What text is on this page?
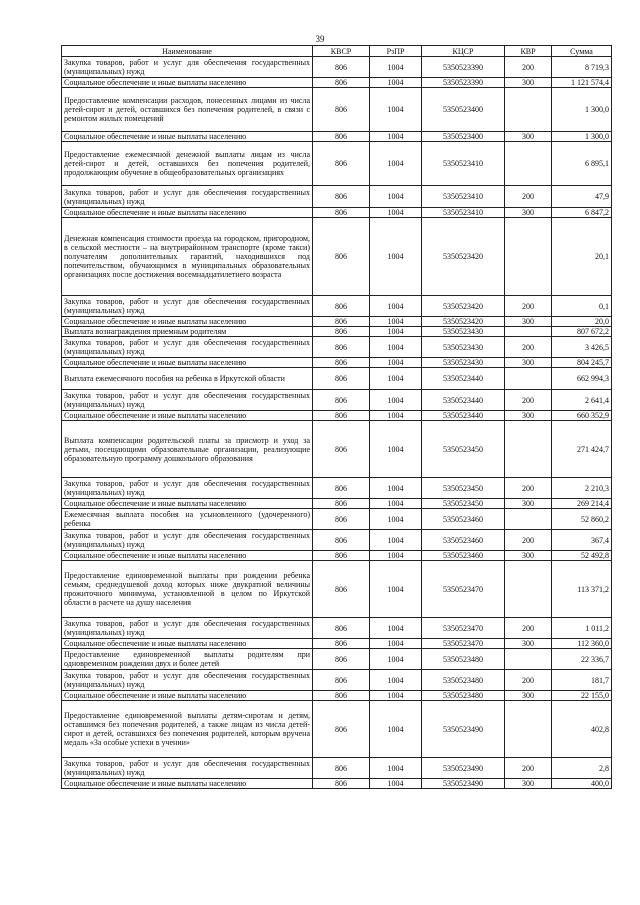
39
Наименование	КВСР	РзПР	КЦСР	КВР	Сумма
Закупка товаров, работ и услуг для обеспечения государственных (муниципальных) нужд	806	1004	5350523390	200	8 719,3
Социальное обеспечение и иные выплаты населению	806	1004	5350523390	300	1 121 574,4
Предоставление компенсации расходов, понесенных лицами из числа детей-сирот и детей, оставшихся без попечения родителей, в связи с ремонтом жилых помещений	806	1004	5350523400		1 300,0
Социальное обеспечение и иные выплаты населению	806	1004	5350523400	300	1 300,0
Предоставление ежемесячной денежной выплаты лицам из числа детей-сирот и детей, оставшихся без попечения родителей, продолжающим обучение в общеобразовательных организациях	806	1004	5350523410		6 895,1
Закупка товаров, работ и услуг для обеспечения государственных (муниципальных) нужд	806	1004	5350523410	200	47,9
Социальное обеспечение и иные выплаты населению	806	1004	5350523410	300	6 847,2
Денежная компенсация стоимости проезда на городском, пригородном, в сельской местности – на внутрирайонном транспорте (кроме такси) получателям дополнительных гарантий, находившихся под попечительством, обучающимся в муниципальных образовательных организациях после достижения восемнадцатилетнего возраста	806	1004	5350523420		20,1
Закупка товаров, работ и услуг для обеспечения государственных (муниципальных) нужд	806	1004	5350523420	200	0,1
Социальное обеспечение и иные выплаты населению	806	1004	5350523420	300	20,0
Выплата вознаграждения приемным родителям	806	1004	5350523430		807 672,2
Закупка товаров, работ и услуг для обеспечения государственных (муниципальных) нужд	806	1004	5350523430	200	3 426,5
Социальное обеспечение и иные выплаты населению	806	1004	5350523430	300	804 245,7
Выплата ежемесячного пособия на ребенка в Иркутской области	806	1004	5350523440		662 994,3
Закупка товаров, работ и услуг для обеспечения государственных (муниципальных) нужд	806	1004	5350523440	200	2 641,4
Социальное обеспечение и иные выплаты населению	806	1004	5350523440	300	660 352,9
Выплата компенсации родительской платы за присмотр и уход за детьми, посещающими образовательные организации, реализующие образовательную программу дошкольного образования	806	1004	5350523450		271 424,7
Закупка товаров, работ и услуг для обеспечения государственных (муниципальных) нужд	806	1004	5350523450	200	2 210,3
Социальное обеспечение и иные выплаты населению	806	1004	5350523450	300	269 214,4
Ежемесячная выплата пособия на усыновленного (удочеренного) ребенка	806	1004	5350523460		52 860,2
Закупка товаров, работ и услуг для обеспечения государственных (муниципальных) нужд	806	1004	5350523460	200	367,4
Социальное обеспечение и иные выплаты населению	806	1004	5350523460	300	52 492,8
Предоставление единовременной выплаты при рождении ребенка семьям, среднедушевой доход которых ниже двукратной величины прожиточного минимума, установленной в целом по Иркутской области в расчете на душу населения	806	1004	5350523470		113 371,2
Закупка товаров, работ и услуг для обеспечения государственных (муниципальных) нужд	806	1004	5350523470	200	1 011,2
Социальное обеспечение и иные выплаты населению	806	1004	5350523470	300	112 360,0
Предоставление единовременной выплаты родителям при одновременном рождении двух и более детей	806	1004	5350523480		22 336,7
Закупка товаров, работ и услуг для обеспечения государственных (муниципальных) нужд	806	1004	5350523480	200	181,7
Социальное обеспечение и иные выплаты населению	806	1004	5350523480	300	22 155,0
Предоставление единовременной выплаты детям-сиротам и детям, оставшимся без попечения родителей, а также лицам из числа детей-сирот и детей, оставшихся без попечения родителей, которым вручена медаль «За особые успехи в учении»	806	1004	5350523490		402,8
Закупка товаров, работ и услуг для обеспечения государственных (муниципальных) нужд	806	1004	5350523490	200	2,8
Социальное обеспечение и иные выплаты населению	806	1004	5350523490	300	400,0
